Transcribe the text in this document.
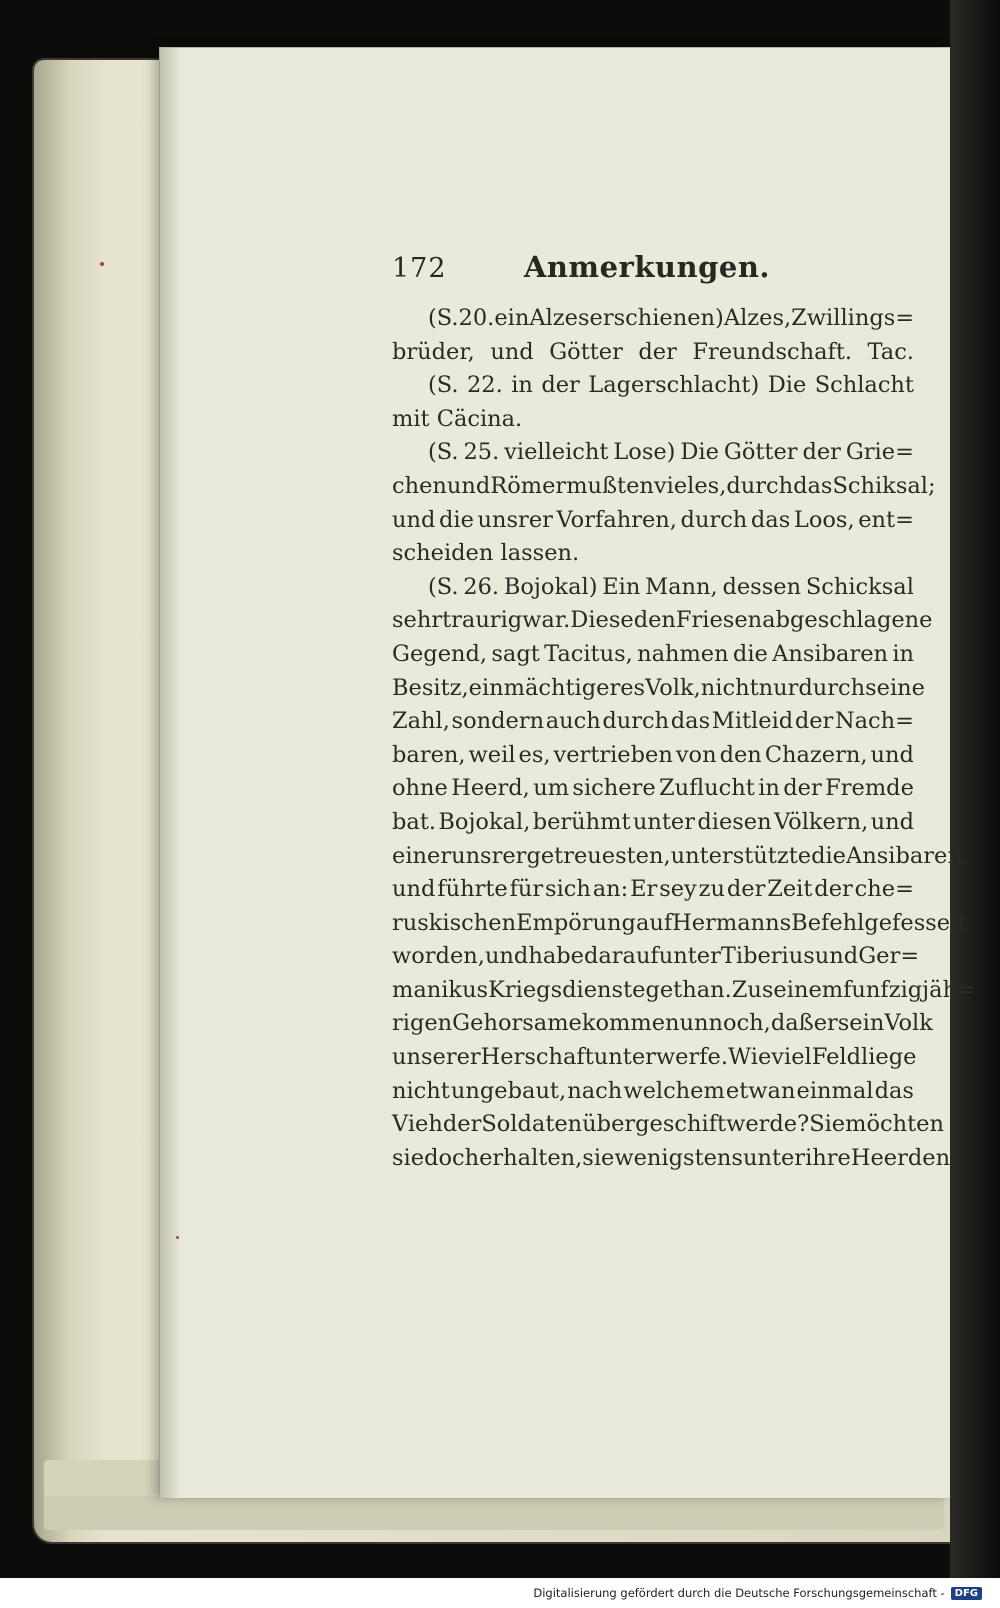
172	Anmerkungen.
(S. 20. ein Alzes erschienen) Alzes, Zwillings=
brüder, und Götter der Freundschaft. Tac.
(S. 22. in der Lagerschlacht) Die Schlacht
mit Cäcina.
(S. 25. vielleicht Lose) Die Götter der Grie=
chen und Römer mußten vieles, durch das Schiksal;
und die unsrer Vorfahren, durch das Loos, ent=
scheiden lassen.
(S. 26. Bojokal) Ein Mann, dessen Schicksal
sehr traurig war. Diese den Friesen abgeschlagene
Gegend, sagt Tacitus, nahmen die Ansibaren in
Besitz, ein mächtigeres Volk, nicht nur durch seine
Zahl, sondern auch durch das Mitleid der Nach=
baren, weil es, vertrieben von den Chazern, und
ohne Heerd, um sichere Zuflucht in der Fremde
bat. Bojokal, berühmt unter diesen Völkern, und
einer unsrer getreuesten, unterstützte die Ansibaren,
und führte für sich an: Er sey zu der Zeit der che=
ruskischen Empörung auf Hermanns Befehl gefesselt
worden, und habe darauf unter Tiberius und Ger=
manikus Kriegsdienste gethan. Zu seinem funfzigjäh=
rigen Gehorsame komme nun noch, daß er sein Volk
unserer Herschaft unterwerfe. Wie viel Feld liege
nicht ungebaut, nach welchem etwan einmal das
Vieh der Soldaten übergeschift werde? Sie möchten
sie doch erhalten, sie wenigstens unter ihre Heerden
Digitalisierung gefördert durch die Deutsche Forschungsgemeinschaft -	DFG
